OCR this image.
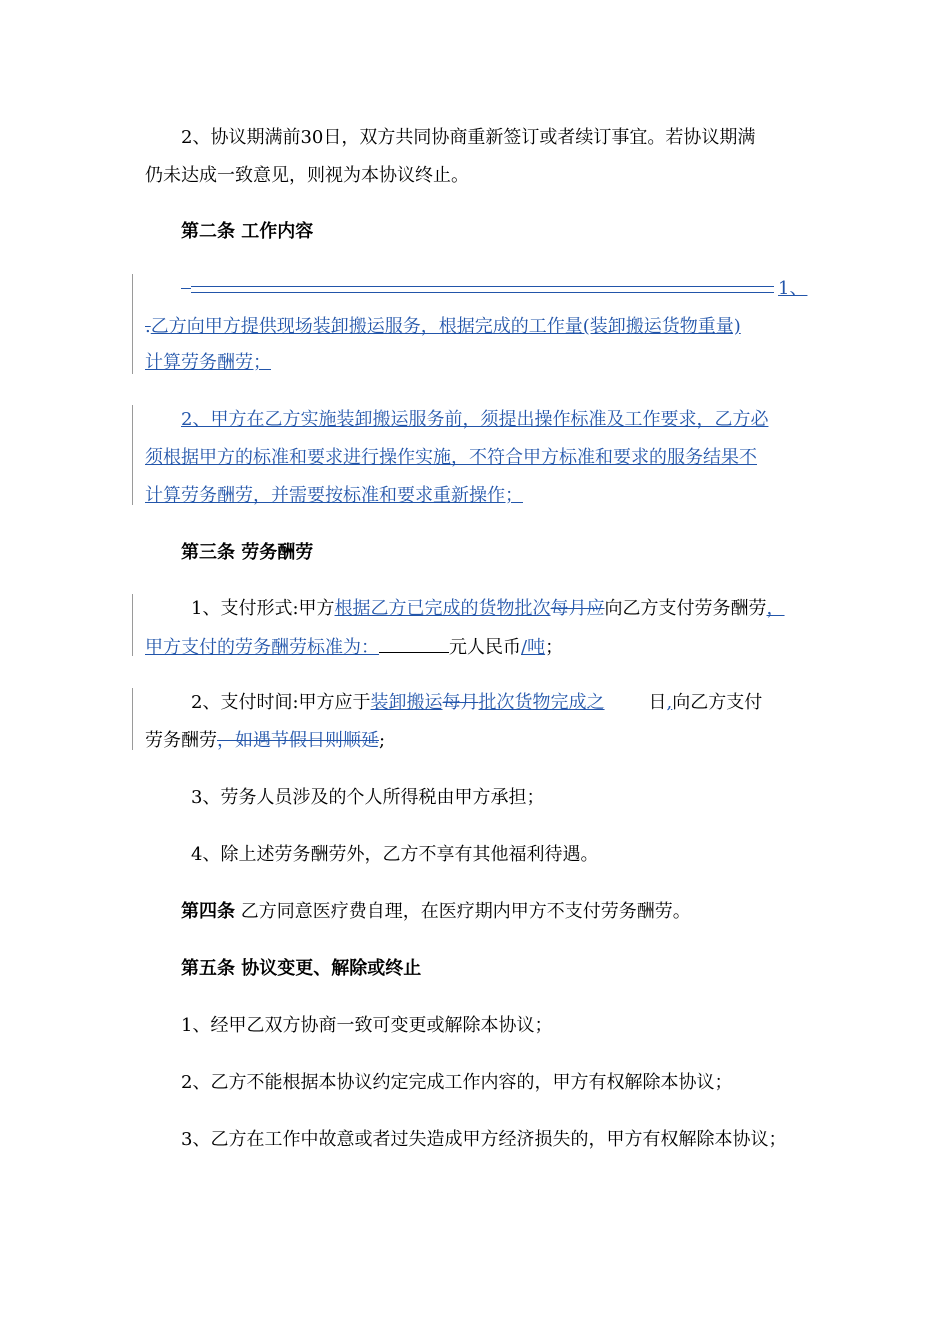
2、协议期满前30日，双方共同协商重新签订或者续订事宜。若协议期满
仍未达成一致意见，则视为本协议终止。
第二条 工作内容
1、
.乙方向甲方提供现场装卸搬运服务，根据完成的工作量(装卸搬运货物重量)
计算劳务酬劳；
2、甲方在乙方实施装卸搬运服务前，须提出操作标准及工作要求，乙方必
须根据甲方的标准和要求进行操作实施，不符合甲方标准和要求的服务结果不
计算劳务酬劳，并需要按标准和要求重新操作；
第三条 劳务酬劳
1、支付形式:甲方根据乙方已完成的货物批次每月应向乙方支付劳务酬劳，
甲方支付的劳务酬劳标准为：	元人民币/吨；
2、支付时间:甲方应于装卸搬运每月批次货物完成之 日,向乙方支付
劳务酬劳，如遇节假日则顺延;
3、劳务人员涉及的个人所得税由甲方承担；
4、除上述劳务酬劳外，乙方不享有其他福利待遇。
第四条 乙方同意医疗费自理，在医疗期内甲方不支付劳务酬劳。
第五条 协议变更、解除或终止
1、经甲乙双方协商一致可变更或解除本协议；
2、乙方不能根据本协议约定完成工作内容的，甲方有权解除本协议；
3、乙方在工作中故意或者过失造成甲方经济损失的，甲方有权解除本协议；
